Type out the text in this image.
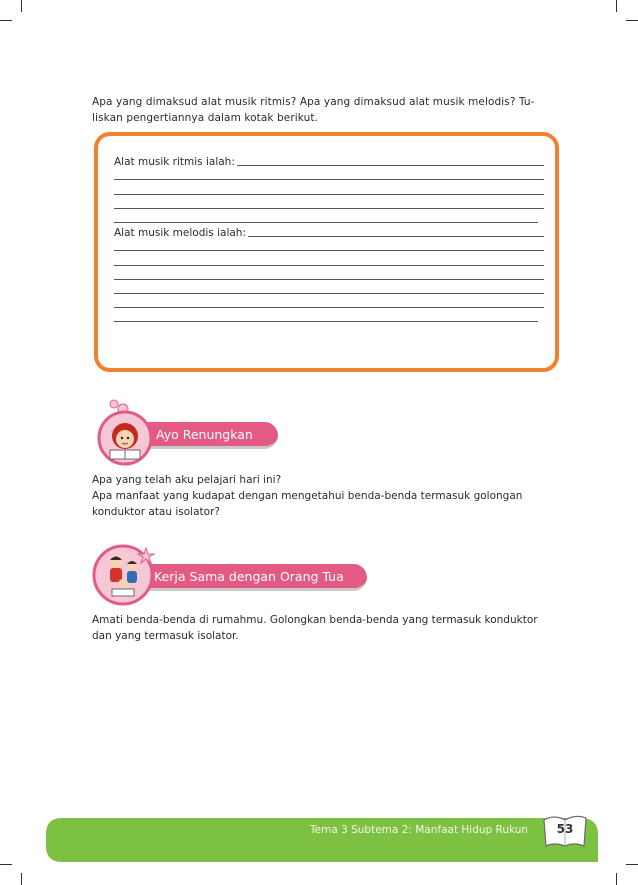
Apa yang dimaksud alat musik ritmis? Apa yang dimaksud alat musik melodis? Tu-
liskan pengertiannya dalam kotak berikut.
Alat musik ritmis ialah:
Alat musik melodis ialah:
Ayo Renungkan
Apa yang telah aku pelajari hari ini?
Apa manfaat yang kudapat dengan mengetahui benda-benda termasuk golongan
konduktor atau isolator?
Kerja Sama dengan Orang Tua
Amati benda-benda di rumahmu. Golongkan benda-benda yang termasuk konduktor
dan yang termasuk isolator.
Tema 3 Subtema 2: Manfaat Hidup Rukun	53
